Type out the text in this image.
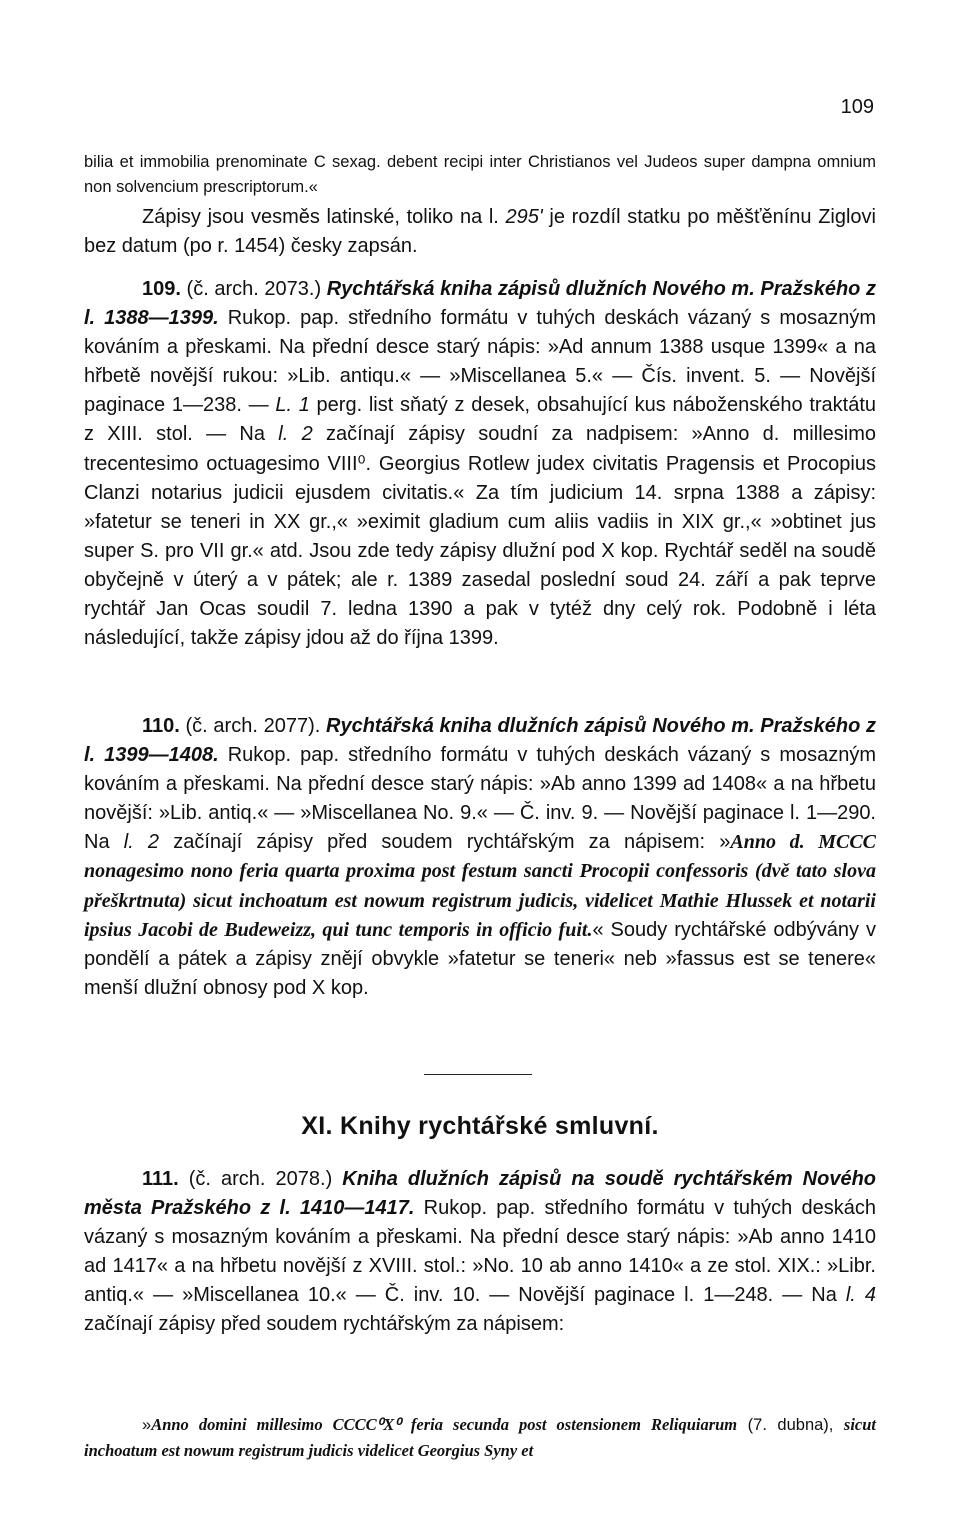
109

bilia et immobilia prenominate C sexag. debent recipi inter Christianos vel Judeos super dampna omnium non solvencium prescriptorum.«

Zápisy jsou vesměs latinské, toliko na l. 295' je rozdíl statku po měšťěnínu Ziglovi bez datum (po r. 1454) česky zapsán.

109. (č. arch. 2073.) Rychtářská kniha zápisů dlužních Nového m. Pražského z l. 1388—1399. Rukop. pap. středního formátu v tuhých deskách vázaný s mosazným kováním a přeskami. Na přední desce starý nápis: »Ad annum 1388 usque 1399« a na hřbetě novější rukou: »Lib. antiqu.« — »Miscellanea 5.« — Čís. invent. 5. — Novější paginace 1—238. — L. 1 perg. list sňatý z desek, obsahující kus náboženského traktátu z XIII. stol. — Na l. 2 začínají zápisy soudní za nadpisem: »Anno d. millesimo trecentesimo octuagesimo VIII⁰. Georgius Rotlew judex civitatis Pragensis et Procopius Clanzi notarius judicii ejusdem civitatis.« Za tím judicium 14. srpna 1388 a zápisy: »fatetur se teneri in XX gr.,« »eximit gladium cum aliis vadiis in XIX gr.,« »obtinet jus super S. pro VII gr.« atd. Jsou zde tedy zápisy dlužní pod X kop. Rychtář seděl na soudě obyčejně v úterý a v pátek; ale r. 1389 zasedal poslední soud 24. září a pak teprve rychtář Jan Ocas soudil 7. ledna 1390 a pak v tytéž dny celý rok. Podobně i léta následující, takže zápisy jdou až do října 1399.

110. (č. arch. 2077). Rychtářská kniha dlužních zápisů Nového m. Pražského z l. 1399—1408. Rukop. pap. středního formátu v tuhých deskách vázaný s mosazným kováním a přeskami. Na přední desce starý nápis: »Ab anno 1399 ad 1408« a na hřbetu novější: »Lib. antiq.« — »Miscellanea No. 9.« — Č. inv. 9. — Novější paginace l. 1—290. Na l. 2 začínají zápisy před soudem rychtářským za nápisem: »Anno d. MCCC nonagesimo nono feria quarta proxima post festum sancti Procopii confessoris (dvě tato slova přeškrtnuta) sicut inchoatum est nowum registrum judicis, videlicet Mathie Hlussek et notarii ipsius Jacobi de Budeweizz, qui tunc temporis in officio fuit.« Soudy rychtářské odbývány v pondělí a pátek a zápisy znějí obvykle »fatetur se teneri« neb »fassus est se tenere« menší dlužní obnosy pod X kop.

XI. Knihy rychtářské smluvní.

111. (č. arch. 2078.) Kniha dlužních zápisů na soudě rychtářském Nového města Pražského z l. 1410—1417. Rukop. pap. středního formátu v tuhých deskách vázaný s mosazným kováním a přeskami. Na přední desce starý nápis: »Ab anno 1410 ad 1417« a na hřbetu novější z XVIII. stol.: »No. 10 ab anno 1410« a ze stol. XIX.: »Libr. antiq.« — »Miscellanea 10.« — Č. inv. 10. — Novější paginace l. 1—248. — Na l. 4 začínají zápisy před soudem rychtářským za nápisem:

»Anno domini millesimo CCCC⁰X⁰ feria secunda post ostensionem Reliquiarum (7. dubna), sicut inchoatum est nowum registrum judicis videlicet Georgius Syny et
